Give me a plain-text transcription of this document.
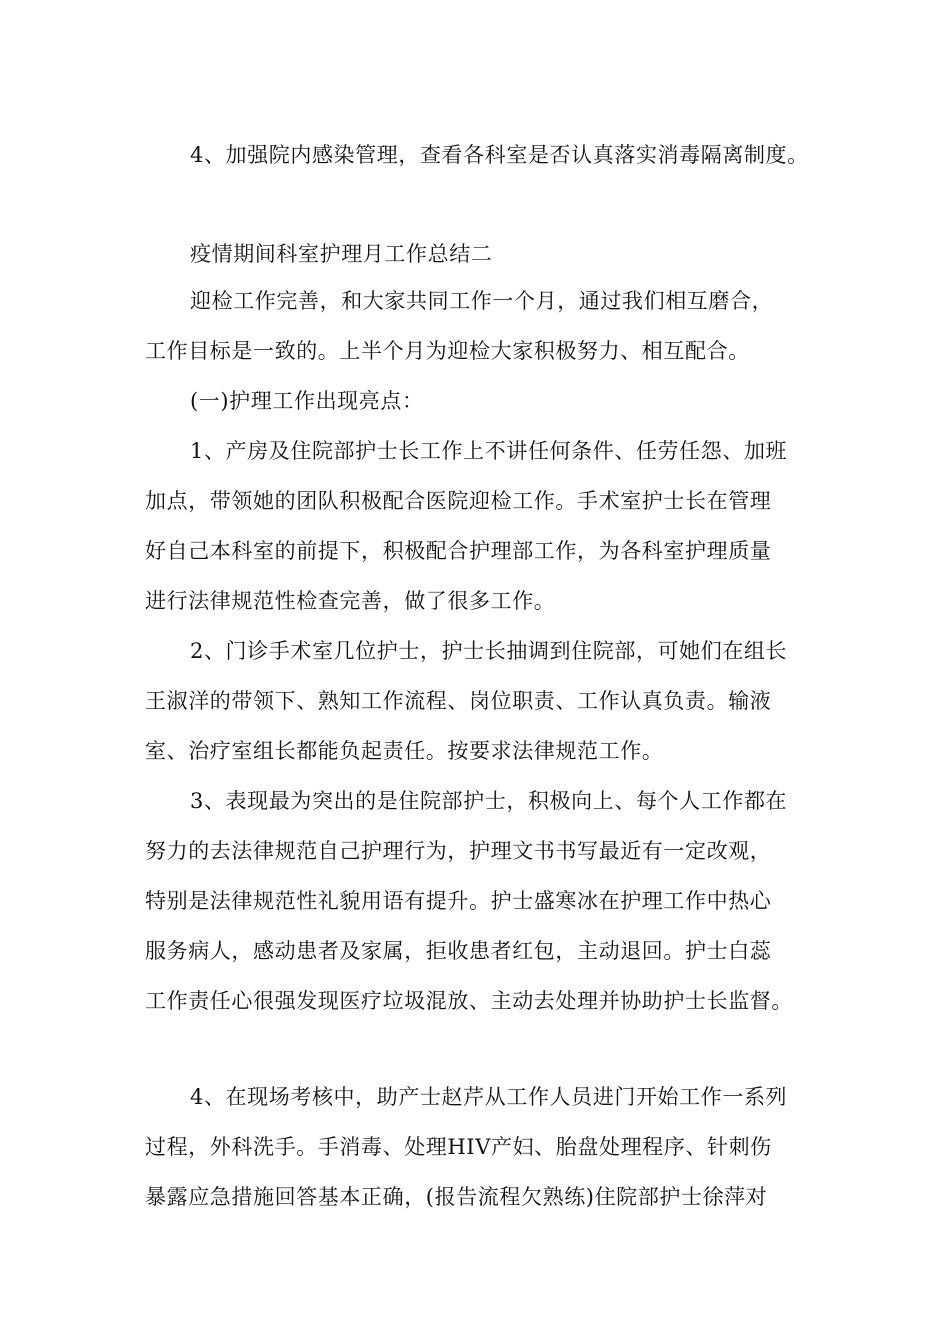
4、加强院内感染管理，查看各科室是否认真落实消毒隔离制度。
疫情期间科室护理月工作总结二
迎检工作完善，和大家共同工作一个月，通过我们相互磨合，
工作目标是一致的。上半个月为迎检大家积极努力、相互配合。
(一)护理工作出现亮点：
1、产房及住院部护士长工作上不讲任何条件、任劳任怨、加班
加点，带领她的团队积极配合医院迎检工作。手术室护士长在管理
好自己本科室的前提下，积极配合护理部工作，为各科室护理质量
进行法律规范性检查完善，做了很多工作。
2、门诊手术室几位护士，护士长抽调到住院部，可她们在组长
王淑洋的带领下、熟知工作流程、岗位职责、工作认真负责。输液
室、治疗室组长都能负起责任。按要求法律规范工作。
3、表现最为突出的是住院部护士，积极向上、每个人工作都在
努力的去法律规范自己护理行为，护理文书书写最近有一定改观，
特别是法律规范性礼貌用语有提升。护士盛寒冰在护理工作中热心
服务病人，感动患者及家属，拒收患者红包，主动退回。护士白蕊
工作责任心很强发现医疗垃圾混放、主动去处理并协助护士长监督。
4、在现场考核中，助产士赵芹从工作人员进门开始工作一系列
过程，外科洗手。手消毒、处理HIV产妇、胎盘处理程序、针刺伤
暴露应急措施回答基本正确，(报告流程欠熟练)住院部护士徐萍对
